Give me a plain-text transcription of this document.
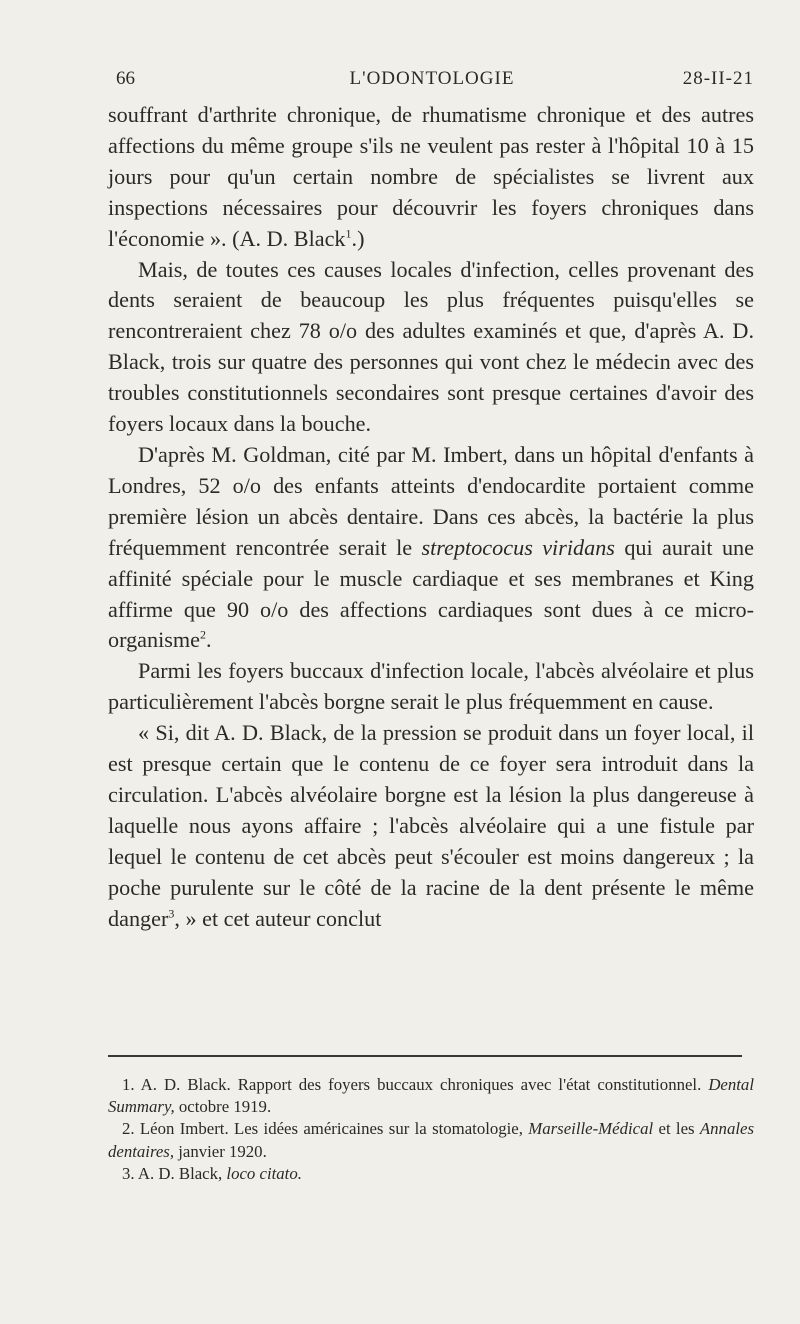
66	L'ODONTOLOGIE	28-II-21

souffrant d'arthrite chronique, de rhumatisme chronique et des autres affections du même groupe s'ils ne veulent pas rester à l'hôpital 10 à 15 jours pour qu'un certain nombre de spécialistes se livrent aux inspections nécessaires pour découvrir les foyers chroniques dans l'économie ». (A. D. Black$^1$.)

Mais, de toutes ces causes locales d'infection, celles provenant des dents seraient de beaucoup les plus fréquentes puisqu'elles se rencontreraient chez 78 o/o des adultes examinés et que, d'après A. D. Black, trois sur quatre des personnes qui vont chez le médecin avec des troubles constitutionnels secondaires sont presque certaines d'avoir des foyers locaux dans la bouche.

D'après M. Goldman, cité par M. Imbert, dans un hôpital d'enfants à Londres, 52 o/o des enfants atteints d'endocardite portaient comme première lésion un abcès dentaire. Dans ces abcès, la bactérie la plus fréquemment rencontrée serait le streptococus viridans qui aurait une affinité spéciale pour le muscle cardiaque et ses membranes et King affirme que 90 o/o des affections cardiaques sont dues à ce micro-organisme$^2$.

Parmi les foyers buccaux d'infection locale, l'abcès alvéolaire et plus particulièrement l'abcès borgne serait le plus fréquemment en cause.

« Si, dit A. D. Black, de la pression se produit dans un foyer local, il est presque certain que le contenu de ce foyer sera introduit dans la circulation. L'abcès alvéolaire borgne est la lésion la plus dangereuse à laquelle nous ayons affaire ; l'abcès alvéolaire qui a une fistule par lequel le contenu de cet abcès peut s'écouler est moins dangereux ; la poche purulente sur le côté de la racine de la dent présente le même danger$^3$, » et cet auteur conclut

1. A. D. Black. Rapport des foyers buccaux chroniques avec l'état constitutionnel. Dental Summary, octobre 1919.

2. Léon Imbert. Les idées américaines sur la stomatologie, Marseille-Médical et les Annales dentaires, janvier 1920.

3. A. D. Black, loco citato.
